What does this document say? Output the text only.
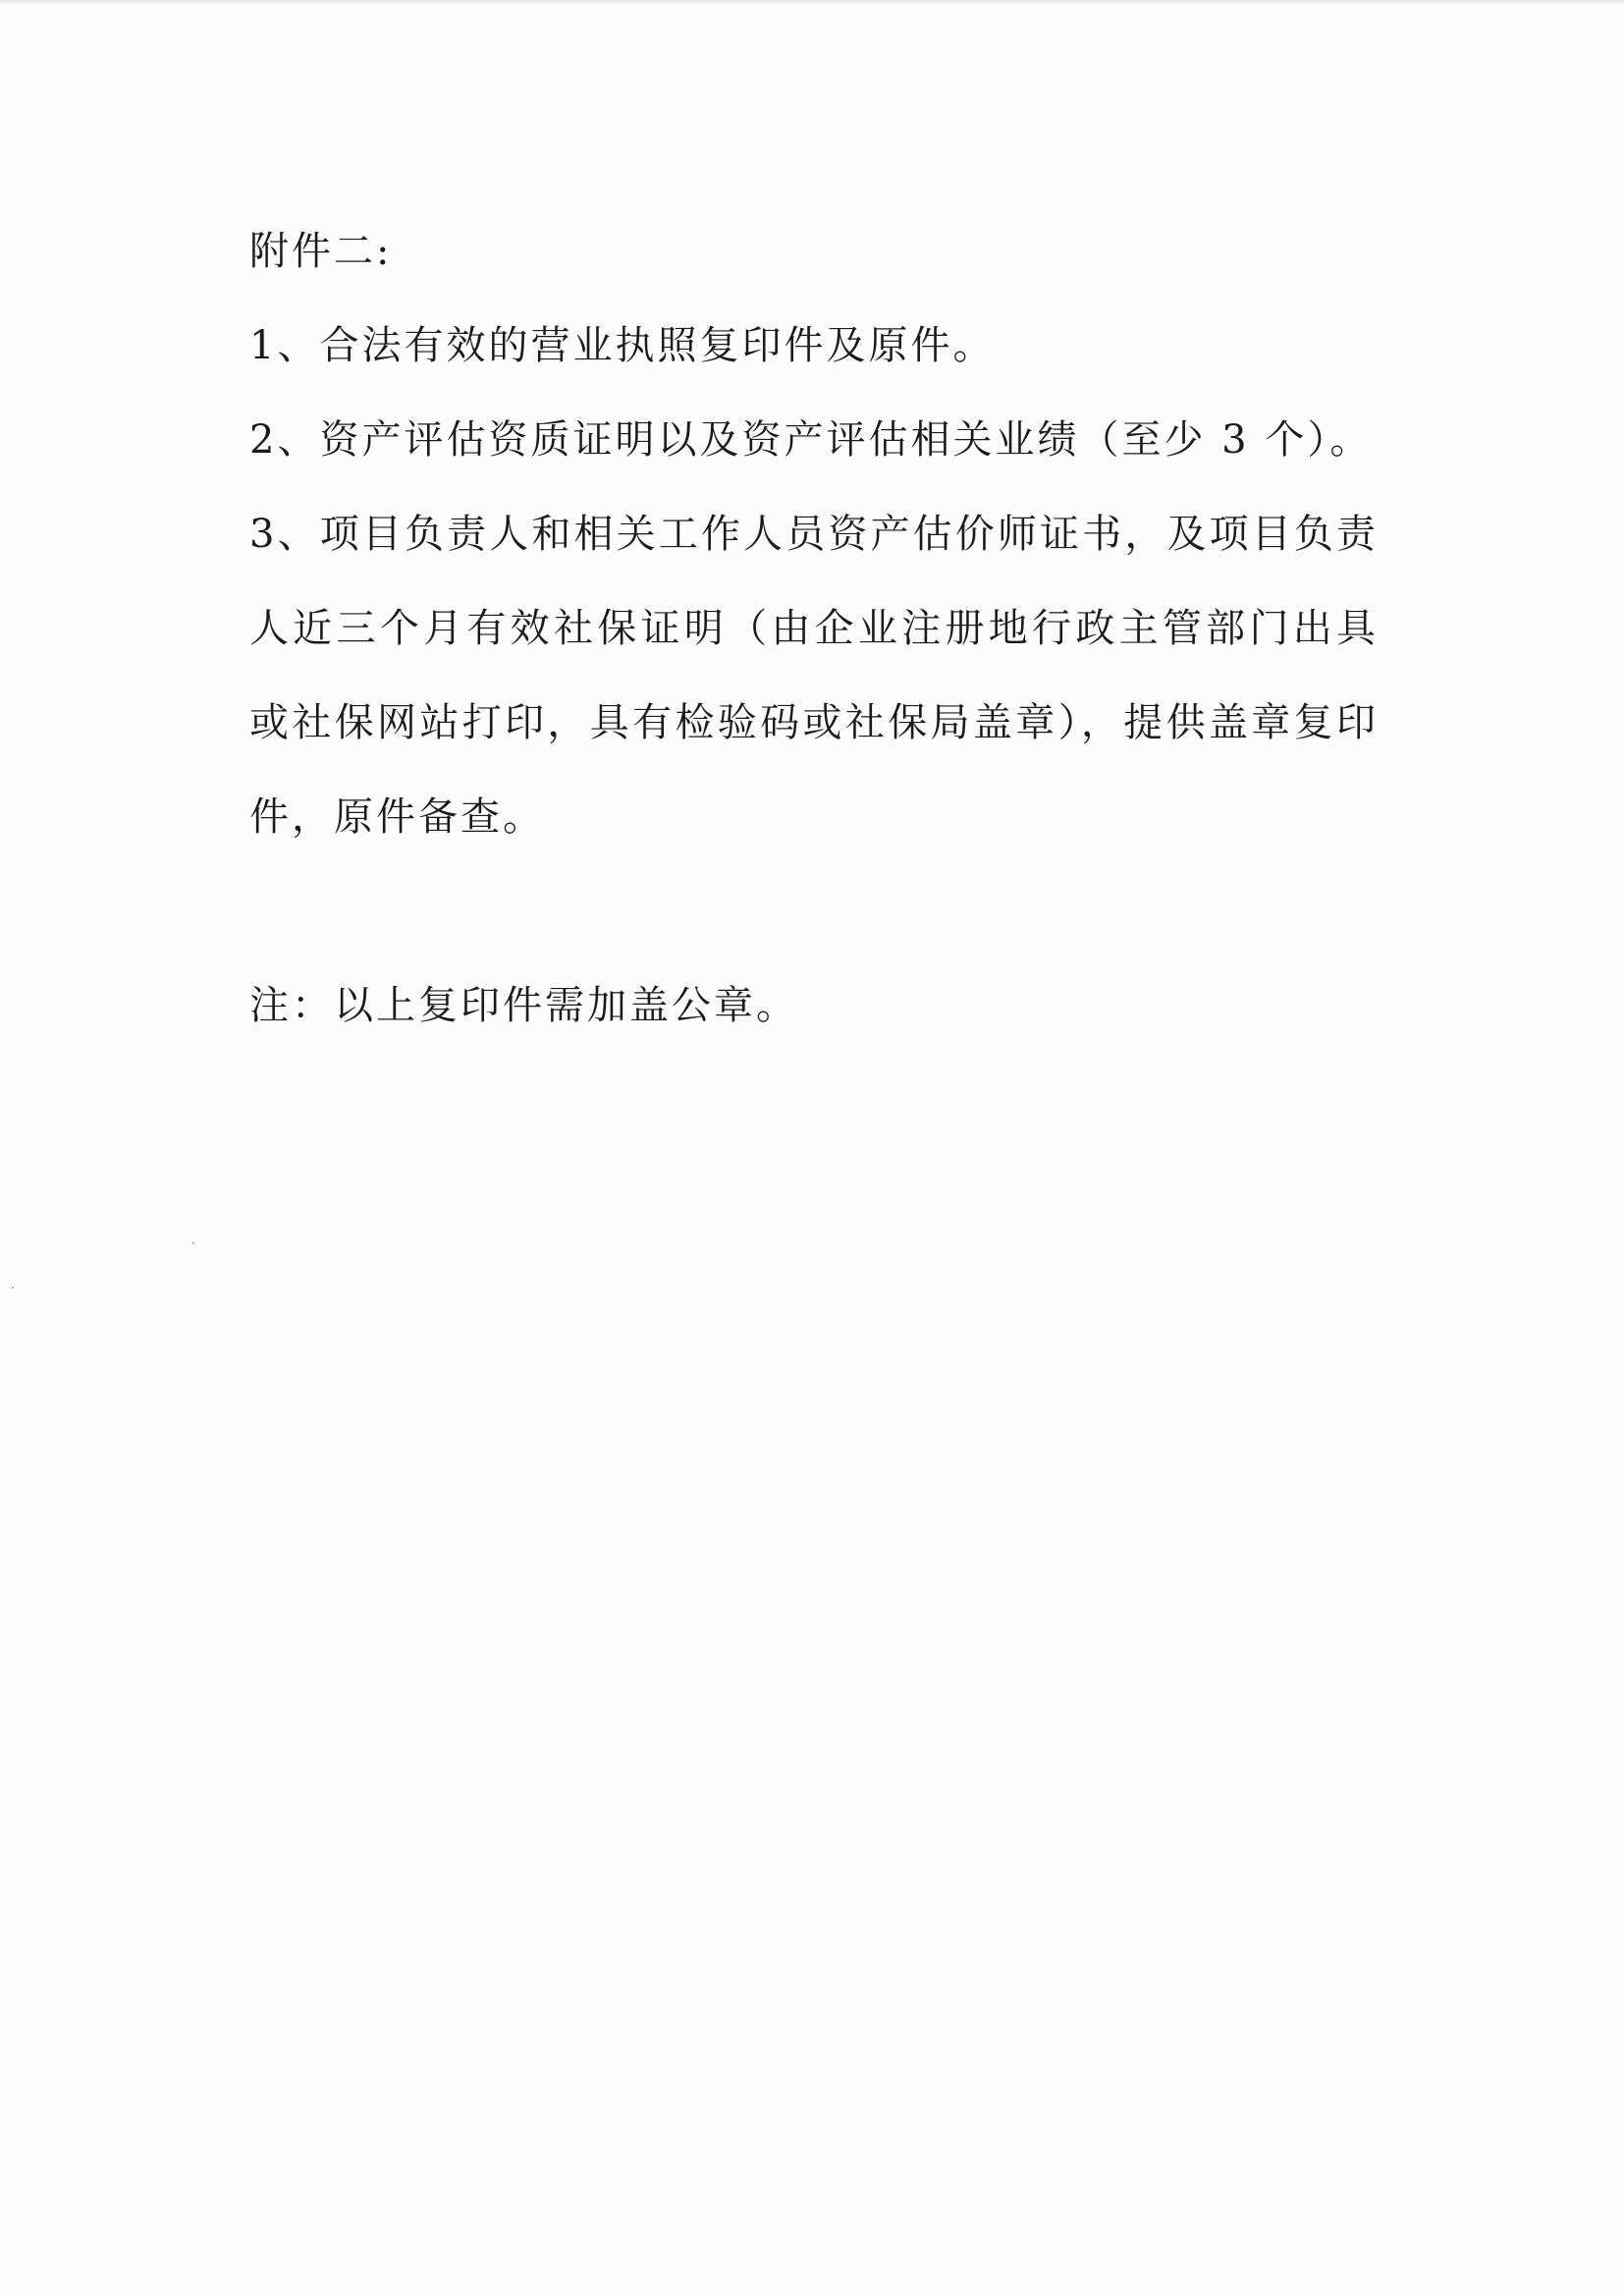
附件二:

1、合法有效的营业执照复印件及原件。

2、资产评估资质证明以及资产评估相关业绩（至少 3 个）。

3、项目负责人和相关工作人员资产估价师证书，及项目负责人近三个月有效社保证明（由企业注册地行政主管部门出具或社保网站打印，具有检验码或社保局盖章），提供盖章复印件，原件备查。

注：以上复印件需加盖公章。
